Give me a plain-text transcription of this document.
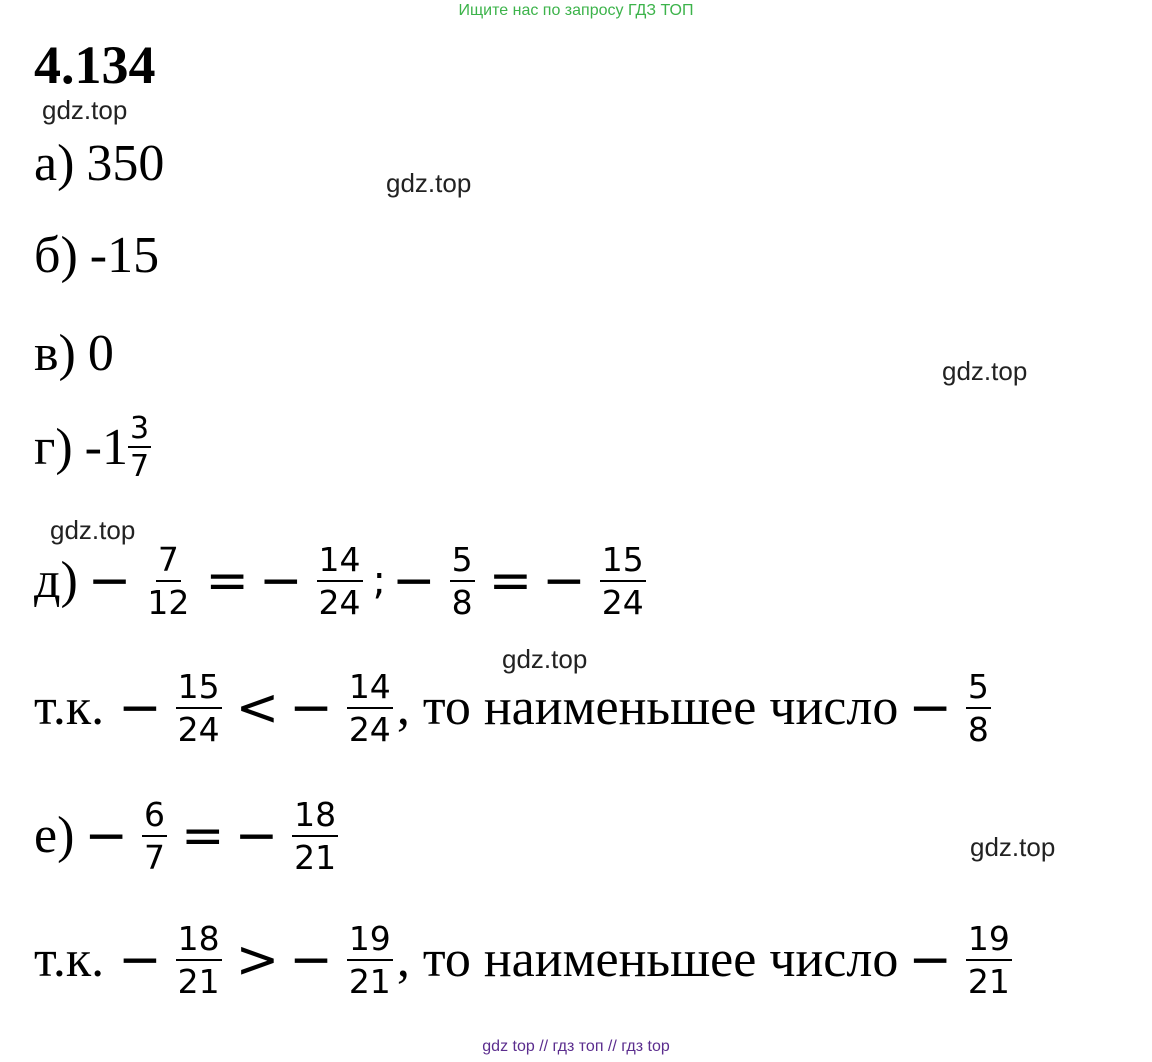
Ищите нас по запросу ГДЗ ТОП
4.134
gdz.top
gdz.top
gdz.top
gdz.top
gdz.top
gdz.top
а) 350
б) -15
в) 0
г) $-1 \frac{3}{7}$
$д) - \frac{7}{12}$ = − $\frac{14}{24}$ ; − $\frac{5}{8}$ = − $\frac{15}{24}$
т.к. − $\frac{15}{24}$ < − $\frac{14}{24}$ , то наименьшее число − $\frac{5}{8}$
$е) - \frac{6}{7}$ = − $\frac{18}{21}$
т.к. − $\frac{18}{21}$ > − $\frac{19}{21}$ , то наименьшее число − $\frac{19}{21}$
gdz top // гдз топ // гдз top
